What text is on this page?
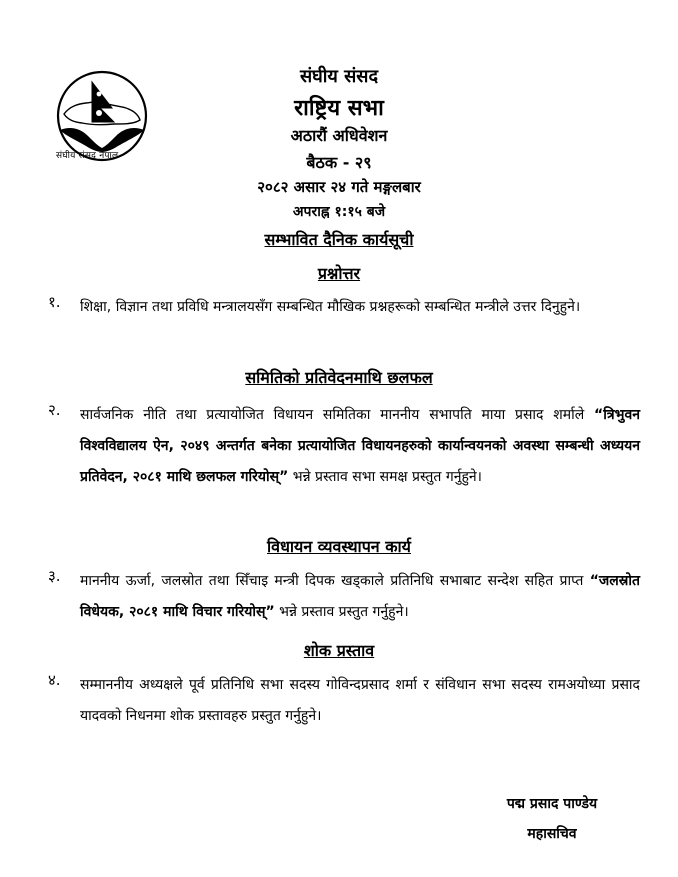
संघीय संसद नेपाल
संघीय संसद
राष्ट्रिय सभा
अठारौं अधिवेशन
बैठक - २९
२०८२ असार २४ गते मङ्गलबार
अपराह्न १:१५ बजे
सम्भावित दैनिक कार्यसूची
प्रश्नोत्तर
१.	शिक्षा, विज्ञान तथा प्रविधि मन्त्रालयसँग सम्बन्धित मौखिक प्रश्नहरूको सम्बन्धित मन्त्रीले उत्तर दिनुहुने।
समितिको प्रतिवेदनमाथि छलफल
२.	सार्वजनिक नीति तथा प्रत्यायोजित विधायन समितिका माननीय सभापति माया प्रसाद शर्माले “त्रिभुवन विश्वविद्यालय ऐन, २०४९ अन्तर्गत बनेका प्रत्यायोजित विधायनहरुको कार्यान्वयनको अवस्था सम्बन्धी अध्ययन प्रतिवेदन, २०८१ माथि छलफल गरियोस्” भन्ने प्रस्ताव सभा समक्ष प्रस्तुत गर्नुहुने।
विधायन व्यवस्थापन कार्य
३.	माननीय ऊर्जा, जलस्रोत तथा सिँचाइ मन्त्री दिपक खड्काले प्रतिनिधि सभाबाट सन्देश सहित प्राप्त “जलस्रोत विधेयक, २०८१ माथि विचार गरियोस्” भन्ने प्रस्ताव प्रस्तुत गर्नुहुने।
शोक प्रस्ताव
४.	सम्माननीय अध्यक्षले पूर्व प्रतिनिधि सभा सदस्य गोविन्दप्रसाद शर्मा र संविधान सभा सदस्य रामअयोध्या प्रसाद यादवको निधनमा शोक प्रस्तावहरु प्रस्तुत गर्नुहुने।
पद्म प्रसाद पाण्डेय
महासचिव
